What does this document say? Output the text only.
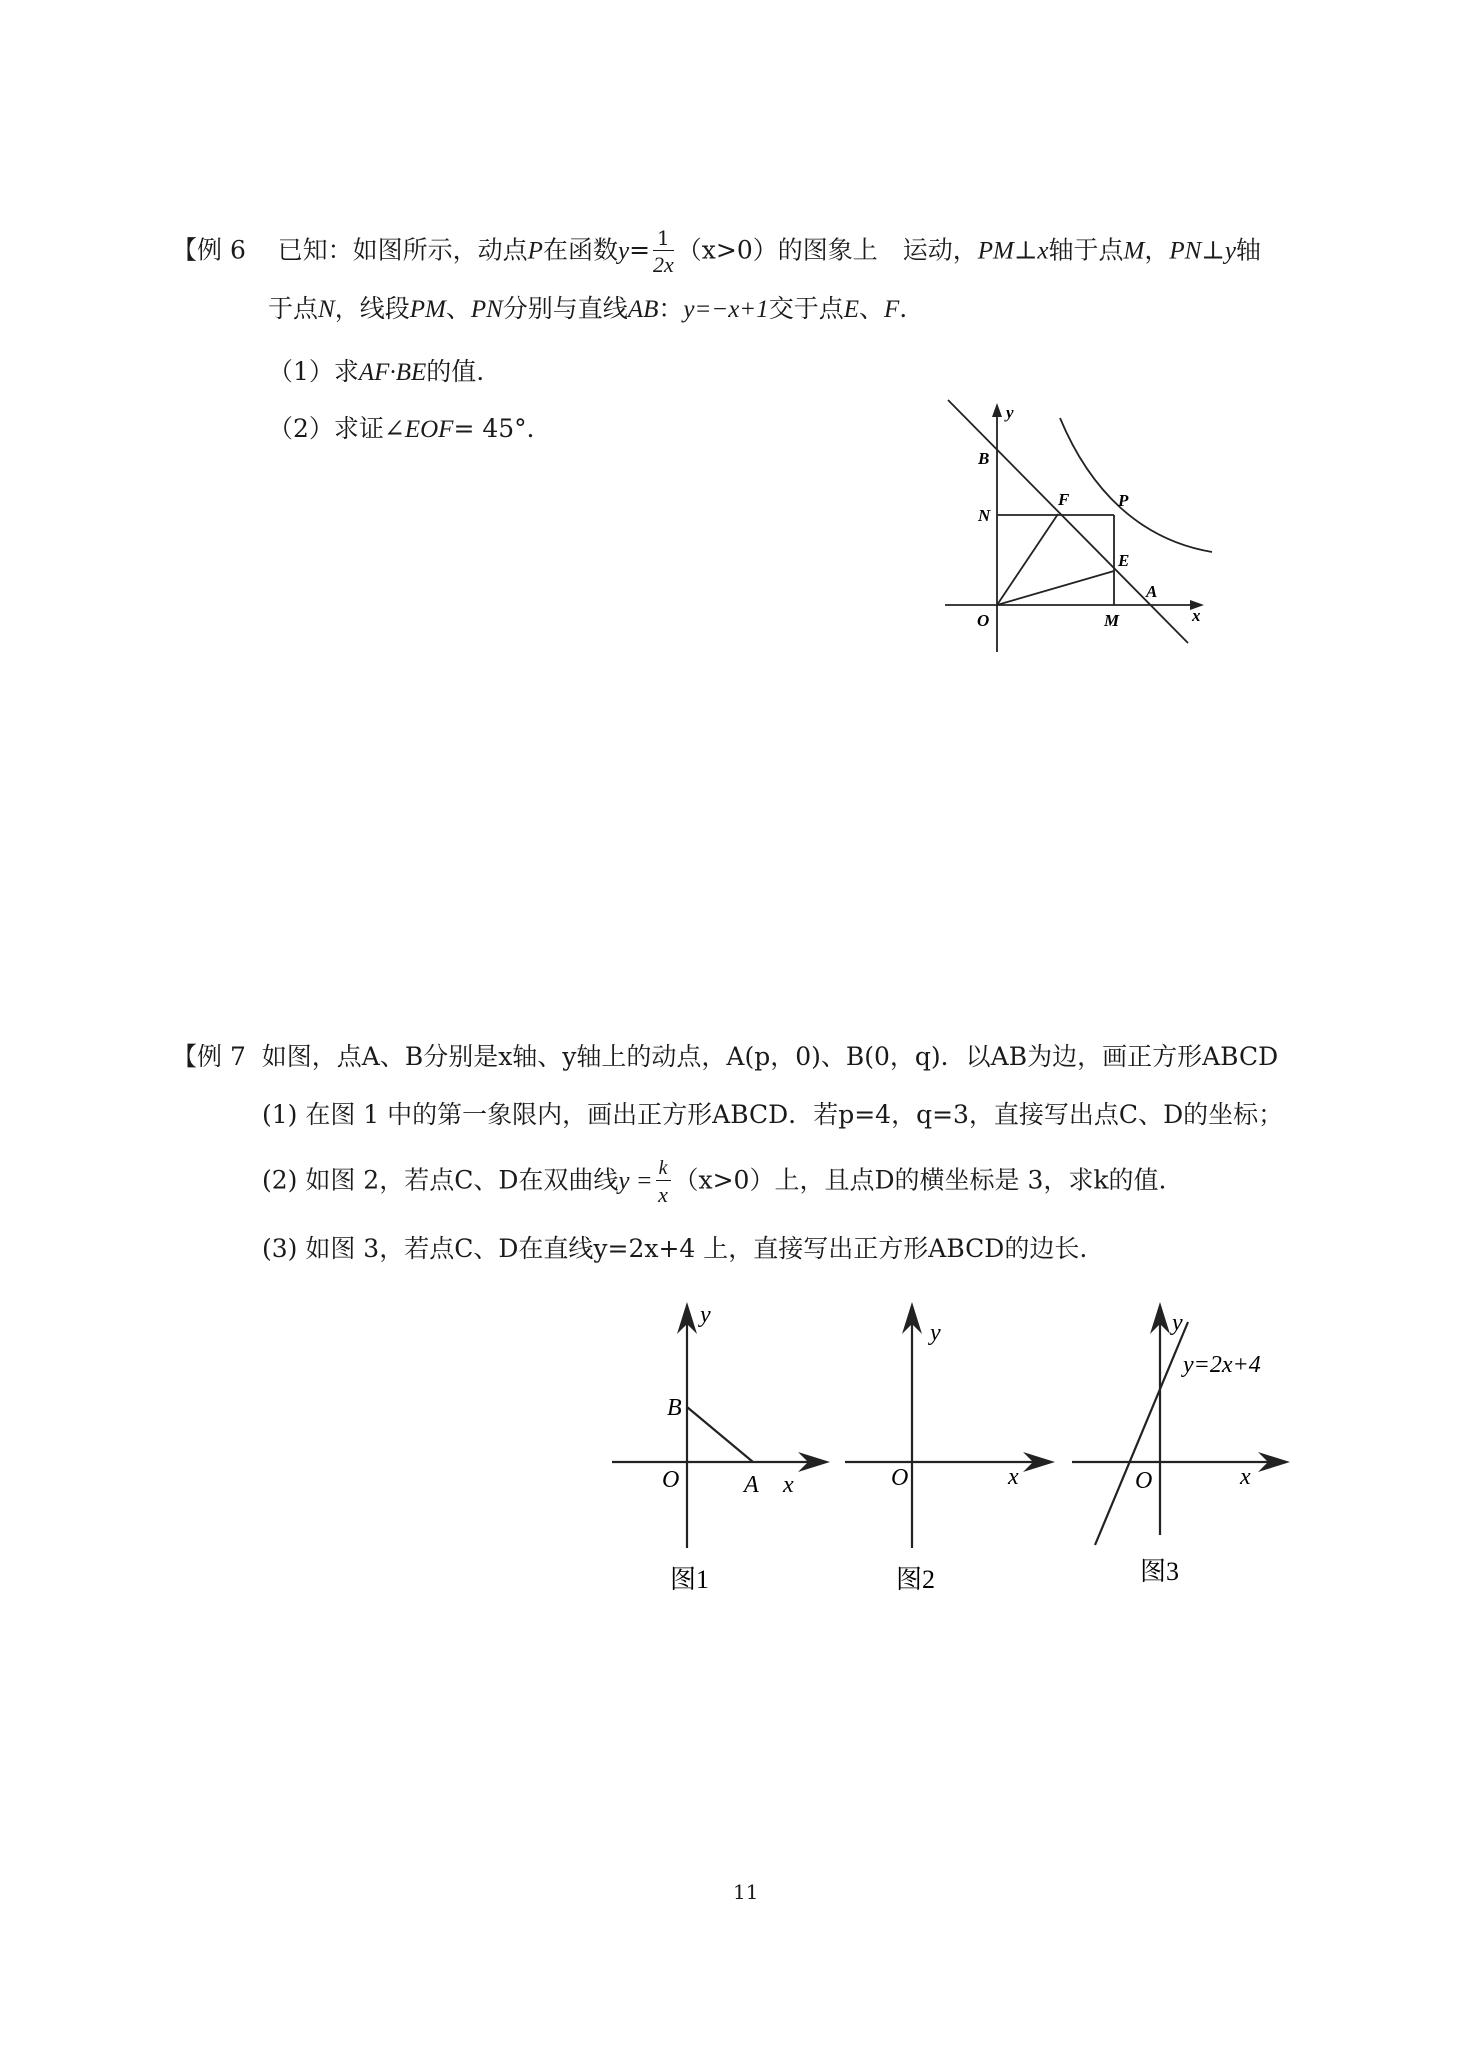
【例 6 已知：如图所示，动点P在函数$y= \frac{1}{2x} (x>0)$的图象上　运动，PM⊥x轴于点M，PN⊥y轴
于点N，线段PM、PN分别与直线AB：y=−x+1交于点E、F.
（1）求AF·BE的值.
（2）求证∠EOF= 45°．
B
F	P
N
E
A
O	M	x
y
【例 7 如图，点A、B分别是x轴、y轴上的动点，A(p，0)、B(0，q)．以AB为边，画正方形ABCD
(1) 在图 1 中的第一象限内，画出正方形ABCD．若p=4，q=3，直接写出点C、D的坐标；
(2) 如图 2，若点C、D在双曲线$y = \frac{k}{x} (x>0)$上，且点D的横坐标是 3，求k的值.
(3) 如图 3，若点C、D在直线y=2x+4 上，直接写出正方形ABCD的边长.
y
B
O	A x
图1
y
O	x
图2
y
y=2x+4
O	x
图3
11
